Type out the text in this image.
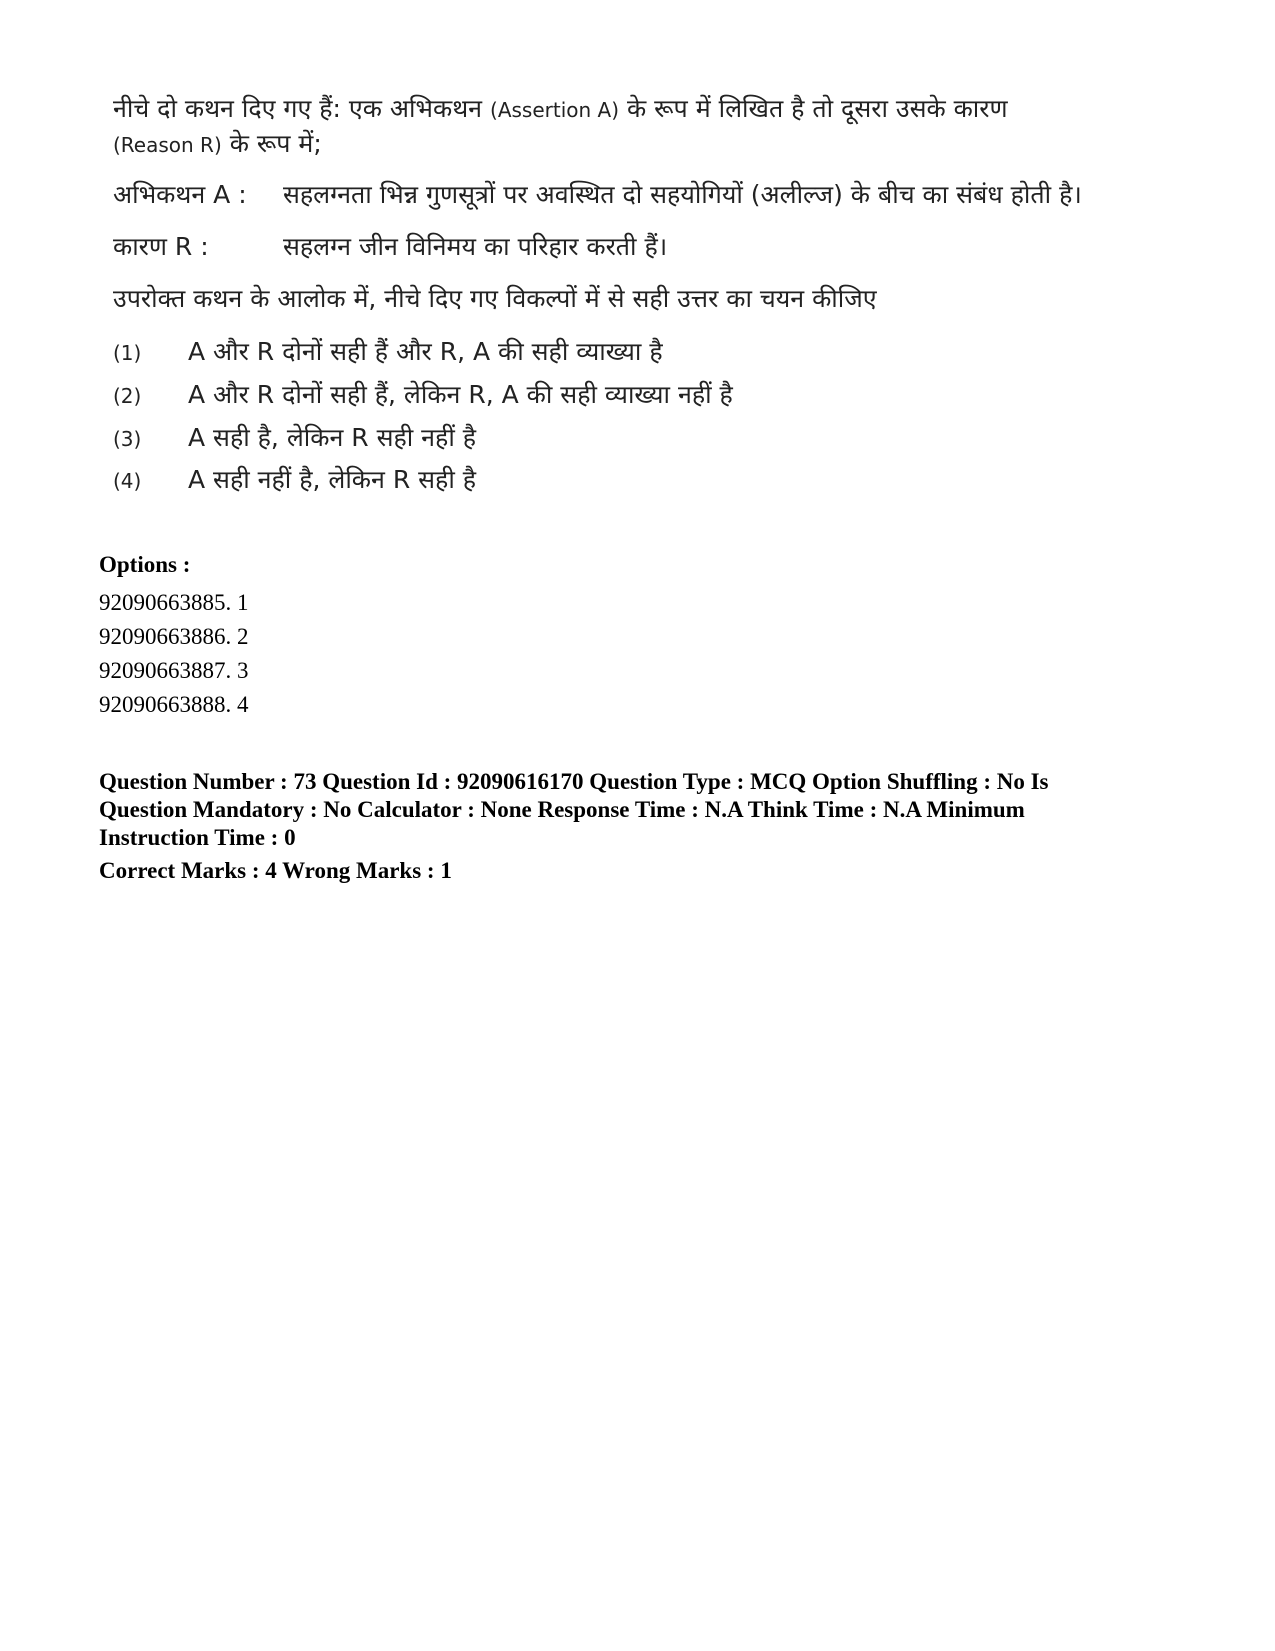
नीचे दो कथन दिए गए हैं: एक अभिकथन (Assertion A) के रूप में लिखित है तो दूसरा उसके कारण
(Reason R) के रूप में;

अभिकथन A : सहलग्नता भिन्न गुणसूत्रों पर अवस्थित दो सहयोगियों (अलील्ज) के बीच का संबंध होती है।
कारण R :	सहलग्न जीन विनिमय का परिहार करती हैं।
उपरोक्त कथन के आलोक में, नीचे दिए गए विकल्पों में से सही उत्तर का चयन कीजिए
(1) A और R दोनों सही हैं और R, A की सही व्याख्या है
(2) A और R दोनों सही हैं, लेकिन R, A की सही व्याख्या नहीं है
(3) A सही है, लेकिन R सही नहीं है
(4) A सही नहीं है, लेकिन R सही है
Options :
92090663885. 1
92090663886. 2
92090663887. 3
92090663888. 4
Question Number : 73 Question Id : 92090616170 Question Type : MCQ Option Shuffling : No Is
Question Mandatory : No Calculator : None Response Time : N.A Think Time : N.A Minimum
Instruction Time : 0
Correct Marks : 4 Wrong Marks : 1
